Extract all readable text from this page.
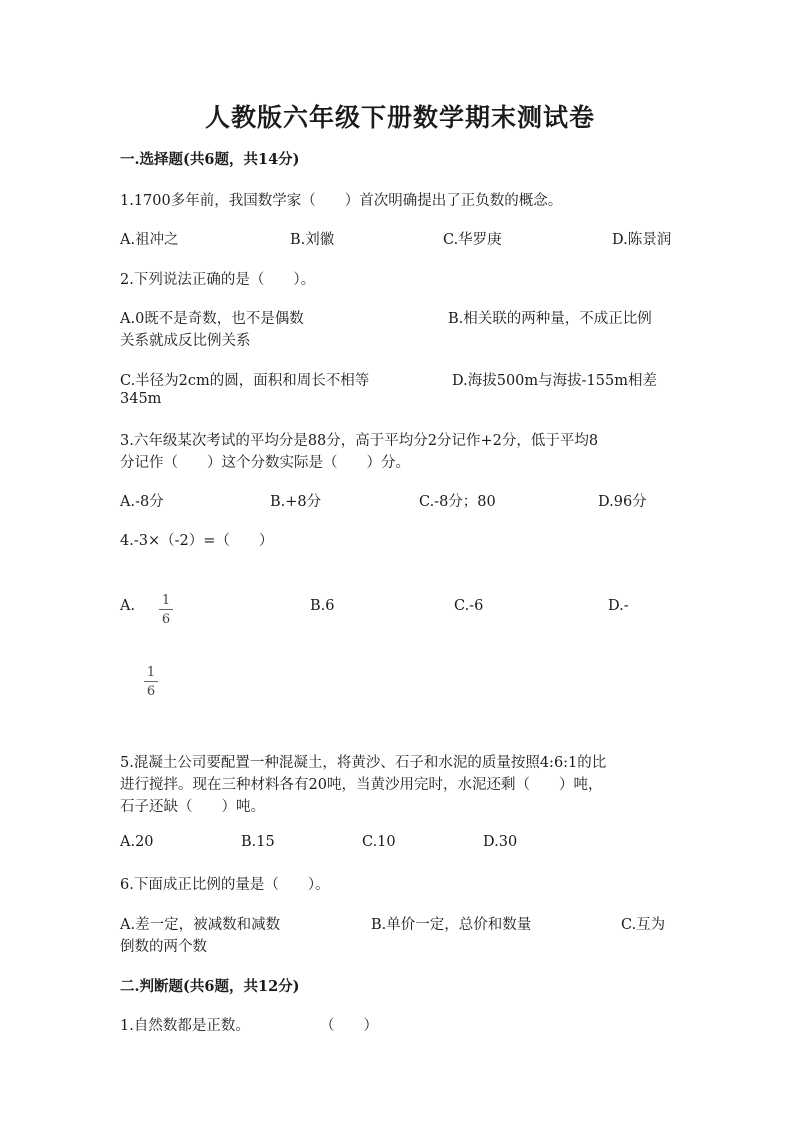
人教版六年级下册数学期末测试卷
一.选择题(共6题，共14分)
1.1700多年前，我国数学家（　　）首次明确提出了正负数的概念。
A.祖冲之	B.刘徽	C.华罗庚	D.陈景润
2.下列说法正确的是（　　）。
A.0既不是奇数，也不是偶数	B.相关联的两种量，不成正比例
关系就成反比例关系
C.半径为2cm的圆，面积和周长不相等	D.海拔500m与海拔-155m相差
345m
3.六年级某次考试的平均分是88分，高于平均分2分记作+2分，低于平均8
分记作（　　）这个分数实际是（　　）分。
A.-8分	B.+8分	C.-8分；80	D.96分
4.-3×（-2）=（　　）
A. 1
6
B.6	C.-6	D.-
1
6
5.混凝土公司要配置一种混凝土，将黄沙、石子和水泥的质量按照4:6:1的比
进行搅拌。现在三种材料各有20吨，当黄沙用完时，水泥还剩（　　）吨，
石子还缺（　　）吨。
A.20	B.15	C.10	D.30
6.下面成正比例的量是（　　）。
A.差一定，被减数和减数	B.单价一定，总价和数量	C.互为
倒数的两个数
二.判断题(共6题，共12分)
1.自然数都是正数。	（　　）
